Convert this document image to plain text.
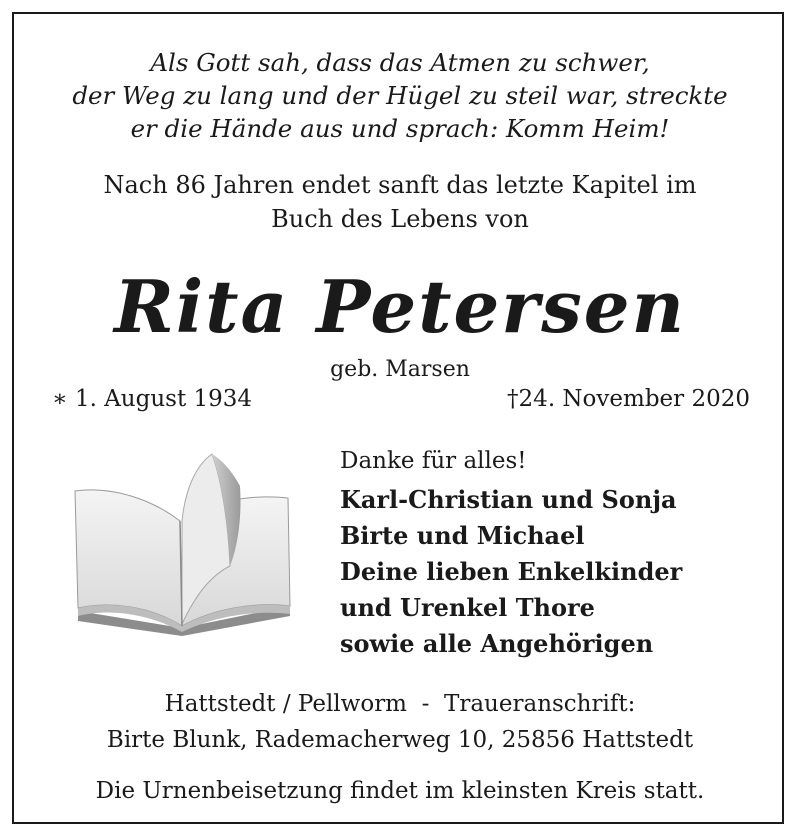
Als Gott sah, dass das Atmen zu schwer,
der Weg zu lang und der Hügel zu steil war, streckte
er die Hände aus und sprach: Komm Heim!
Nach 86 Jahren endet sanft das letzte Kapitel im
Buch des Lebens von
Rita Petersen
geb. Marsen
∗ 1. August 1934	†24. November 2020
Danke für alles!
Karl-Christian und Sonja
Birte und Michael
Deine lieben Enkelkinder
und Urenkel Thore
sowie alle Angehörigen
Hattstedt / Pellworm  -  Traueranschrift:
Birte Blunk, Rademacherweg 10, 25856 Hattstedt
Die Urnenbeisetzung findet im kleinsten Kreis statt.
